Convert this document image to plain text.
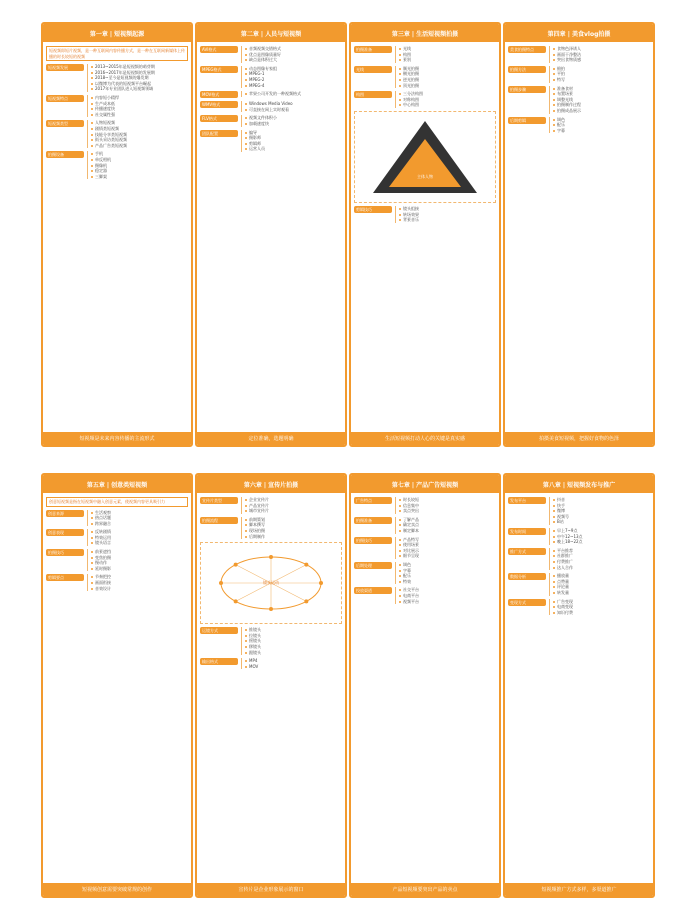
第一章 | 短视频起源
短视频即短片视频，是一种互联网内容传播方式，是一种在互联网新媒体上传播的时长较短的视频
短视频发展	2013~2015年是短视频的萌芽期
2016~2017年是短视频的发展期
2018~至今是短视频的爆发期
以微博为代表的短视频平台崛起
2017年专业团队进入短视频领域
短视频特点	内容短小精悍
生产成本低
传播速度快
社交属性强
短视频类型	人物短视频
剧情类短视频
技能分享类短视频
街头采访类短视频
产品广告类短视频
拍摄设备	手机
单反相机
摄像机
稳定器
三脚架
短视频是未来内容传播的主流形式
第二章 | 人员与短视频
AVI格式	音频视频交错格式
优点是图像质量好
缺点是体积过大
MPEG格式	动态图像专家组
MPEG-1
MPEG-2
MPEG-4
MOV格式	苹果公司开发的一种视频格式
WMV格式	Windows Media Video
可直接在网上实时观看
FLV格式	视频文件体积小
加载速度快
团队配置	编导
摄影师
剪辑师
运营人员
定位准确，选题明确
第三章 | 生活短视频拍摄
拍摄准备	光线
构图
景别
光线	顺光拍摄
侧光拍摄
逆光拍摄
顶光拍摄
构图	三分法构图
对称构图
中心构图
主体人物
剪辑技巧	镜头组接
转场效果
背景音乐
生活短视频打动人心的关键是真实感
第四章 | 美食vlog拍摄
美食拍摄特点	食物色泽诱人
画面干净整洁
突出食物质感
拍摄方法	俯拍
平拍
特写
拍摄步骤	准备食材
布置场景
调整光线
拍摄制作过程
拍摄成品展示
后期剪辑	调色
配乐
字幕
拍摄美食短视频，把握好食物的色泽
第五章 | 创意类短视频
创意短视频是指在短视频中融入创意元素，使视频内容更具吸引力
创意来源	生活观察
热点话题
跨界融合
创意表现	反转剧情
特效运用
镜头语言
拍摄技巧	前景遮挡
变焦拍摄
慢动作
延时摄影
剪辑要点	节奏把控
画面衔接
音效设计
短视频创意需要突破常规的创作
第六章 | 宣传片拍摄
宣传片类型	企业宣传片
产品宣传片
城市宣传片
拍摄流程	前期策划
脚本撰写
现场拍摄
后期制作
镜头运动
运镜方式	推镜头
拉镜头
摇镜头
移镜头
跟镜头
输出格式	MP4
MOV
宣传片是企业形象展示的窗口
第七章 | 产品广告短视频
广告特点	时长较短
信息集中
卖点突出
拍摄准备	了解产品
确定卖点
制定脚本
拍摄技巧	产品特写
使用场景
对比展示
细节呈现
后期处理	调色
字幕
配乐
特效
投放渠道	社交平台
电商平台
视频平台
产品短视频要突出产品的卖点
第八章 | 短视频发布与推广
发布平台	抖音
快手
微博
视频号
B站
发布时间	早上7~9点
中午12~13点
晚上18~22点
推广方式	平台推荐
社群推广
付费推广
达人合作
数据分析	播放量
点赞量
评论量
转发量
变现方式	广告变现
电商变现
知识付费
短视频推广方式多样，多渠道推广
